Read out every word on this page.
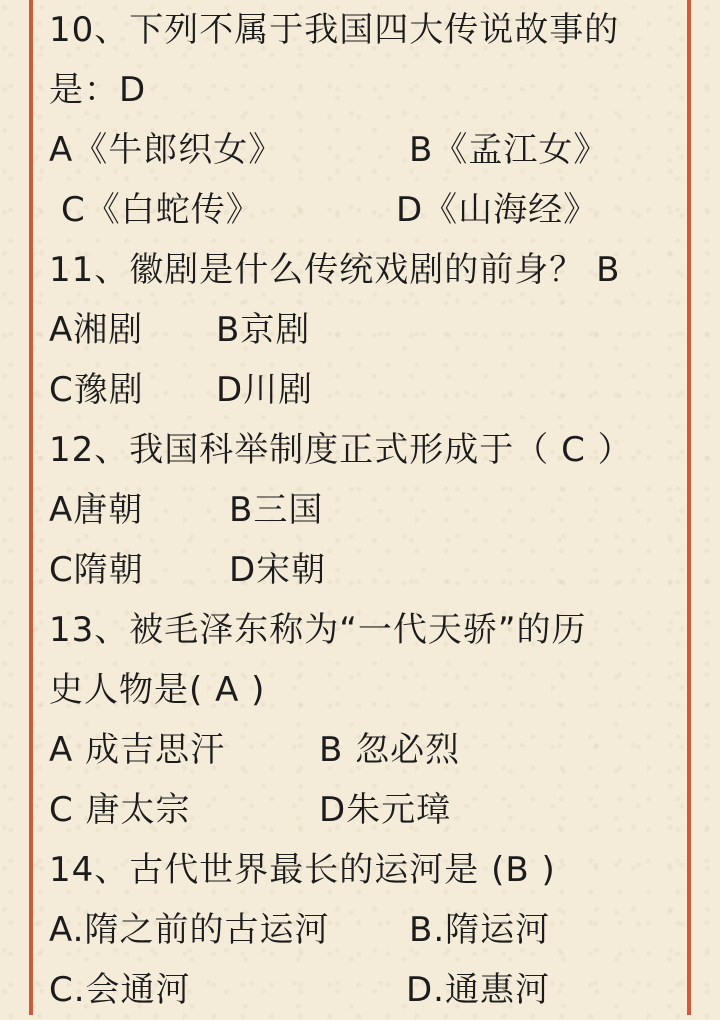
10、下列不属于我国四大传说故事的
是：D
A《牛郎织女》	B《孟江女》
C《白蛇传》	D《山海经》
11、徽剧是什么传统戏剧的前身？ B
A湘剧 B京剧
C豫剧 D川剧
12、我国科举制度正式形成于（ C ）
A唐朝	B三国
C隋朝	D宋朝
13、被毛泽东称为“一代天骄”的历
史人物是( A )
A 成吉思汗	B 忽必烈
C 唐太宗	D朱元璋
14、古代世界最长的运河是 (B )
A.隋之前的古运河 B.隋运河
C.会通河	D.通惠河
